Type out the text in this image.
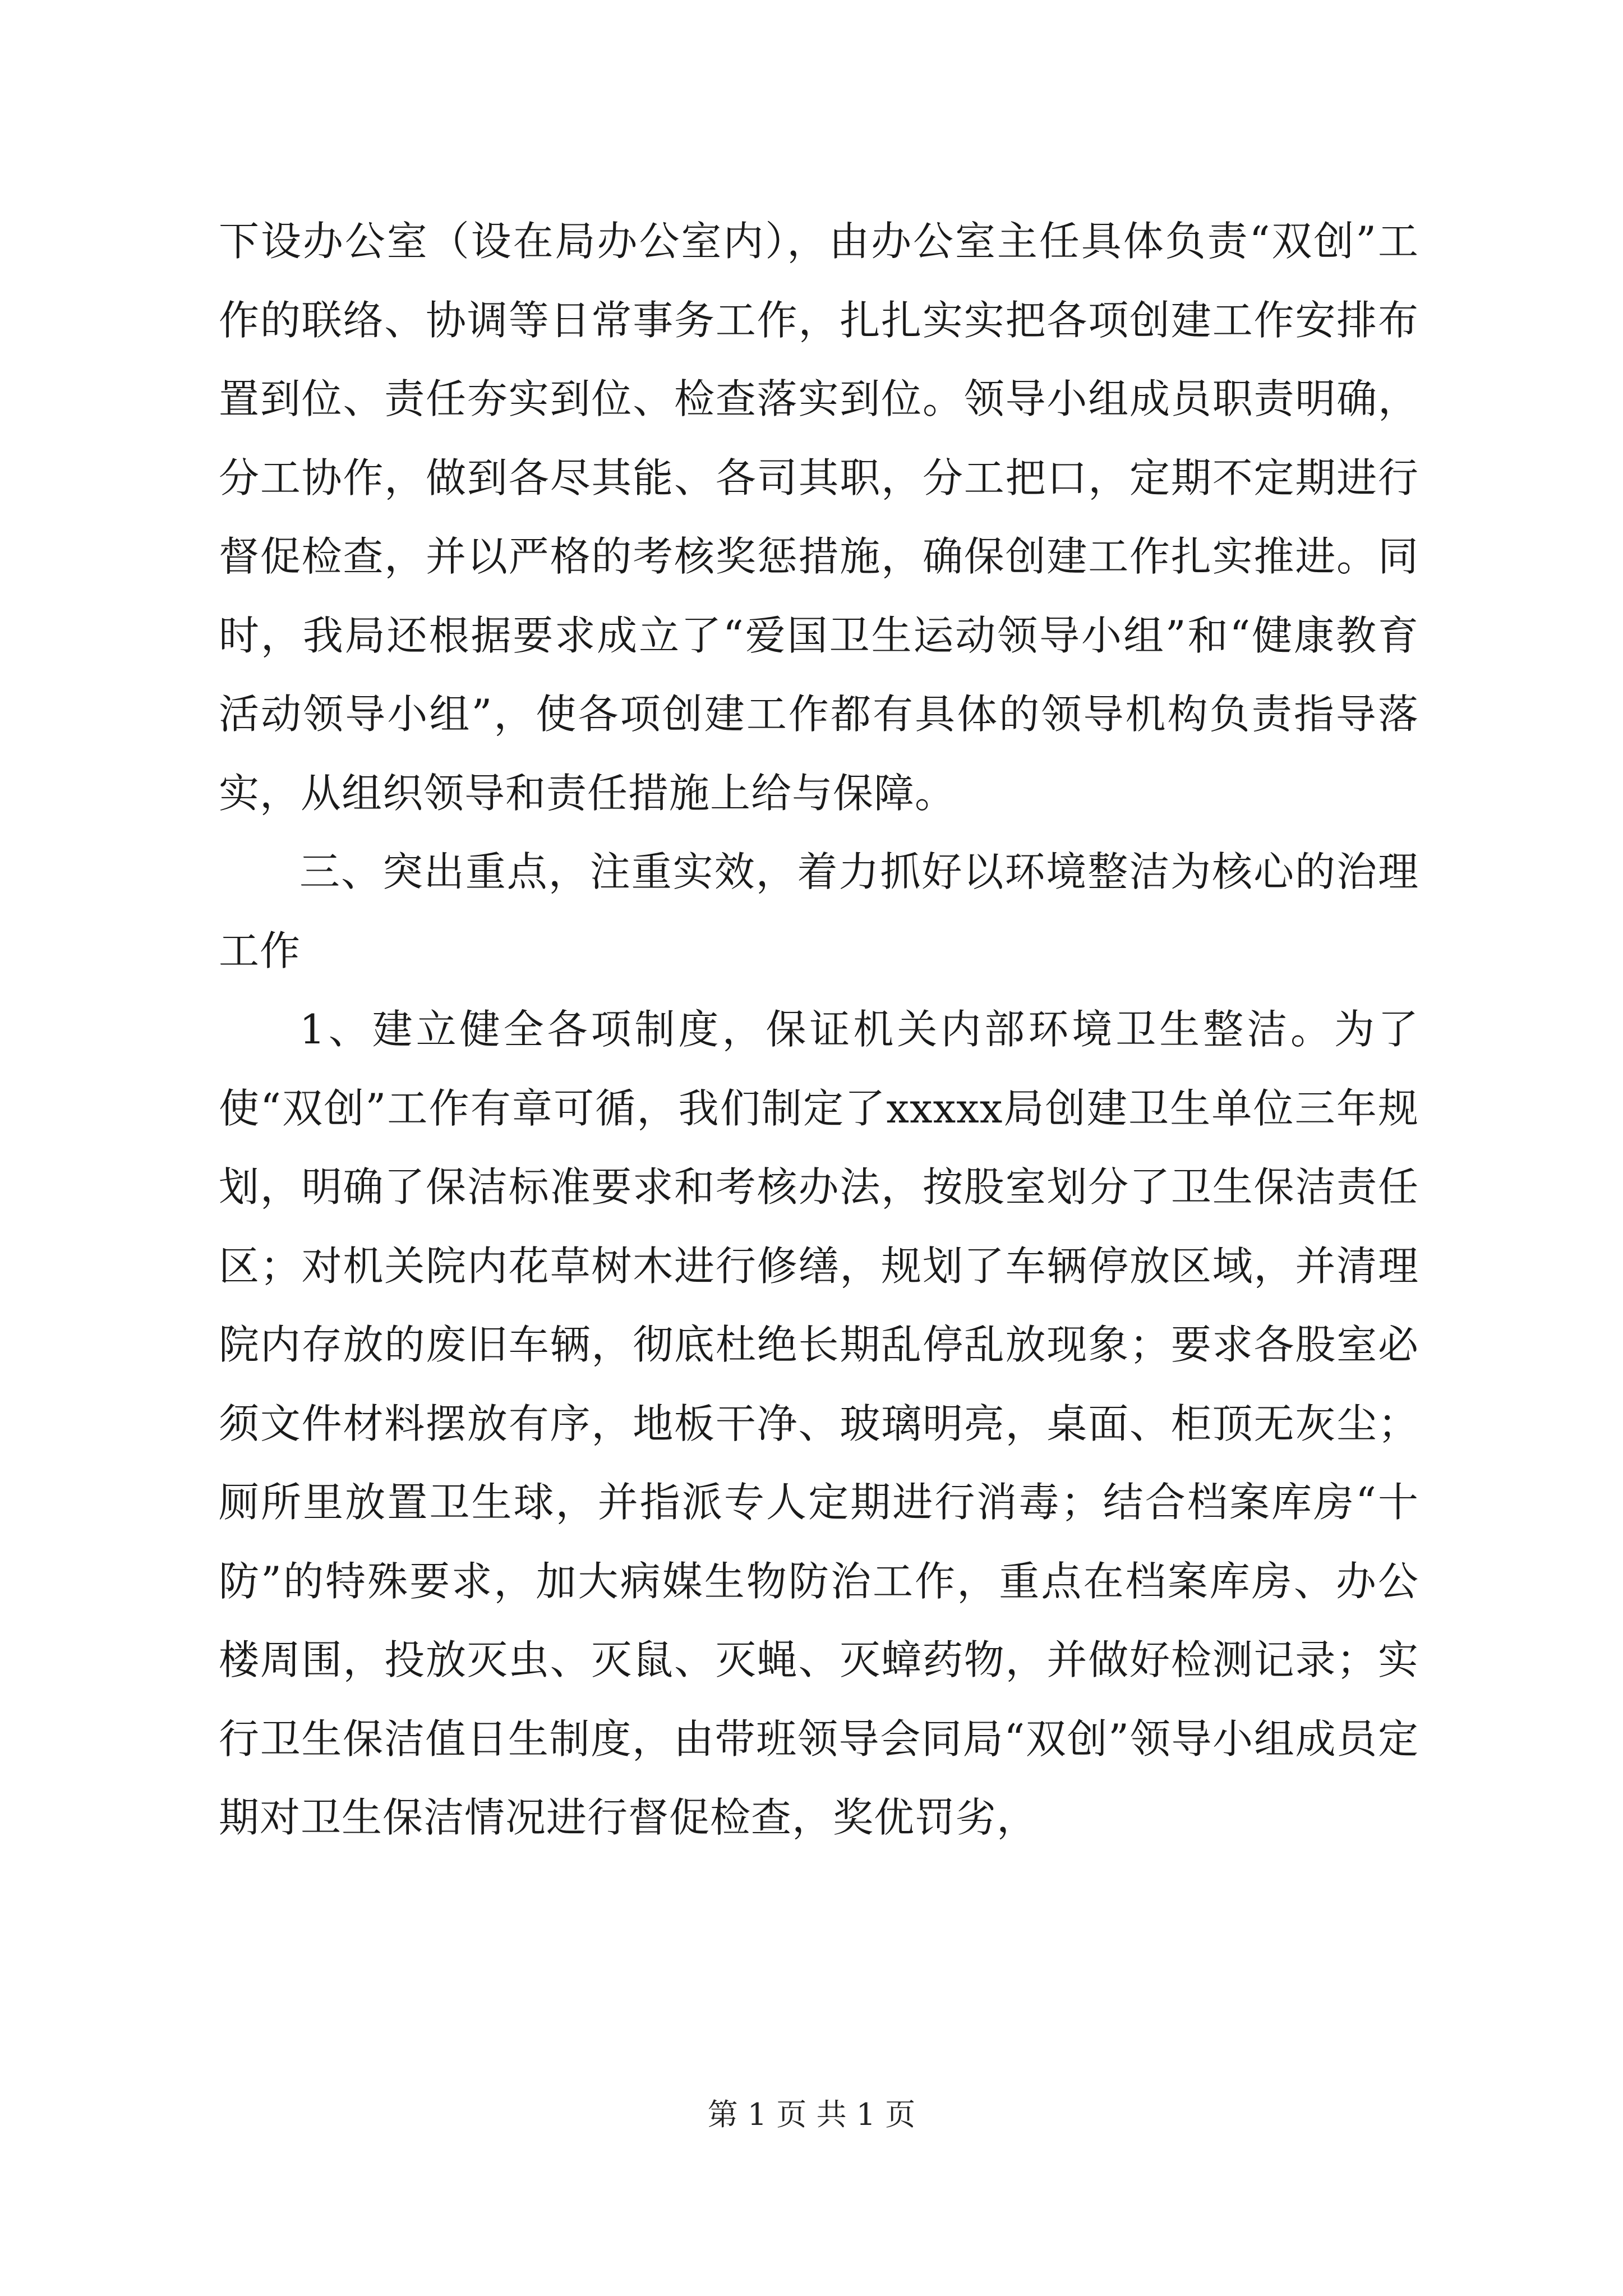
下设办公室（设在局办公室内），由办公室主任具体负责“双创”工作的联络、协调等日常事务工作，扎扎实实把各项创建工作安排布置到位、责任夯实到位、检查落实到位。领导小组成员职责明确，分工协作，做到各尽其能、各司其职，分工把口，定期不定期进行督促检查，并以严格的考核奖惩措施，确保创建工作扎实推进。同时，我局还根据要求成立了“爱国卫生运动领导小组”和“健康教育活动领导小组”，使各项创建工作都有具体的领导机构负责指导落实，从组织领导和责任措施上给与保障。

三、突出重点，注重实效，着力抓好以环境整洁为核心的治理工作

1、建立健全各项制度，保证机关内部环境卫生整洁。为了使“双创”工作有章可循，我们制定了xxxxx局创建卫生单位三年规划，明确了保洁标准要求和考核办法，按股室划分了卫生保洁责任区；对机关院内花草树木进行修缮，规划了车辆停放区域，并清理院内存放的废旧车辆，彻底杜绝长期乱停乱放现象；要求各股室必须文件材料摆放有序，地板干净、玻璃明亮，桌面、柜顶无灰尘；厕所里放置卫生球，并指派专人定期进行消毒；结合档案库房“十防”的特殊要求，加大病媒生物防治工作，重点在档案库房、办公楼周围，投放灭虫、灭鼠、灭蝇、灭蟑药物，并做好检测记录；实行卫生保洁值日生制度，由带班领导会同局“双创”领导小组成员定期对卫生保洁情况进行督促检查，奖优罚劣，

第 1 页 共 1 页
